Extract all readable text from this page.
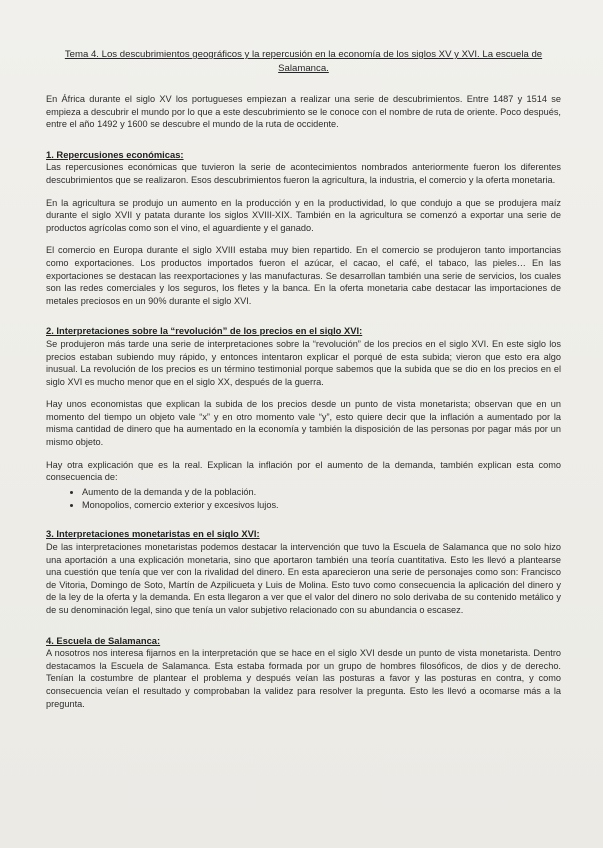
Tema 4. Los descubrimientos geográficos y la repercusión en la economía de los siglos XV y XVI. La escuela de Salamanca.

En África durante el siglo XV los portugueses empiezan a realizar una serie de descubrimientos. Entre 1487 y 1514 se empieza a descubrir el mundo por lo que a este descubrimiento se le conoce con el nombre de ruta de oriente. Poco después, entre el año 1492 y 1600 se descubre el mundo de la ruta de occidente.

1. Repercusiones económicas:

Las repercusiones económicas que tuvieron la serie de acontecimientos nombrados anteriormente fueron los diferentes descubrimientos que se realizaron. Esos descubrimientos fueron la agricultura, la industria, el comercio y la oferta monetaria.

En la agricultura se produjo un aumento en la producción y en la productividad, lo que condujo a que se produjera maíz durante el siglo XVII y patata durante los siglos XVIII-XIX. También en la agricultura se comenzó a exportar una serie de productos agrícolas como son el vino, el aguardiente y el ganado.

El comercio en Europa durante el siglo XVIII estaba muy bien repartido. En el comercio se produjeron tanto importancias como exportaciones. Los productos importados fueron el azúcar, el cacao, el café, el tabaco, las pieles… En las exportaciones se destacan las reexportaciones y las manufacturas. Se desarrollan también una serie de servicios, los cuales son las redes comerciales y los seguros, los fletes y la banca. En la oferta monetaria cabe destacar las importaciones de metales preciosos en un 90% durante el siglo XVI.

2. Interpretaciones sobre la “revolución” de los precios en el siglo XVI:

Se produjeron más tarde una serie de interpretaciones sobre la “revolución” de los precios en el siglo XVI. En este siglo los precios estaban subiendo muy rápido, y entonces intentaron explicar el porqué de esta subida; vieron que esto era algo inusual. La revolución de los precios es un término testimonial porque sabemos que la subida que se dio en los precios en el siglo XVI es mucho menor que en el siglo XX, después de la guerra.

Hay unos economistas que explican la subida de los precios desde un punto de vista monetarista; observan que en un momento del tiempo un objeto vale “x” y en otro momento vale “y”, esto quiere decir que la inflación a aumentado por la misma cantidad de dinero que ha aumentado en la economía y también la disposición de las personas por pagar más por un mismo objeto.

Hay otra explicación que es la real. Explican la inflación por el aumento de la demanda, también explican esta como consecuencia de:

• Aumento de la demanda y de la población.
• Monopolios, comercio exterior y excesivos lujos.
3. Interpretaciones monetaristas en el siglo XVI:

De las interpretaciones monetaristas podemos destacar la intervención que tuvo la Escuela de Salamanca que no solo hizo una aportación a una explicación monetaria, sino que aportaron también una teoría cuantitativa. Esto les llevó a plantearse una cuestión que tenía que ver con la rivalidad del dinero. En esta aparecieron una serie de personajes como son: Francisco de Vitoria, Domingo de Soto, Martín de Azpilicueta y Luis de Molina. Esto tuvo como consecuencia la aplicación del dinero y de la ley de la oferta y la demanda. En esta llegaron a ver que el valor del dinero no solo derivaba de su contenido metálico y de su denominación legal, sino que tenía un valor subjetivo relacionado con su abundancia o escasez.

4. Escuela de Salamanca:

A nosotros nos interesa fijarnos en la interpretación que se hace en el siglo XVI desde un punto de vista monetarista. Dentro destacamos la Escuela de Salamanca. Esta estaba formada por un grupo de hombres filosóficos, de dios y de derecho. Tenían la costumbre de plantear el problema y después veían las posturas a favor y las posturas en contra, y como consecuencia veían el resultado y comprobaban la validez para resolver la pregunta. Esto les llevó a ocomarse más a la pregunta.
